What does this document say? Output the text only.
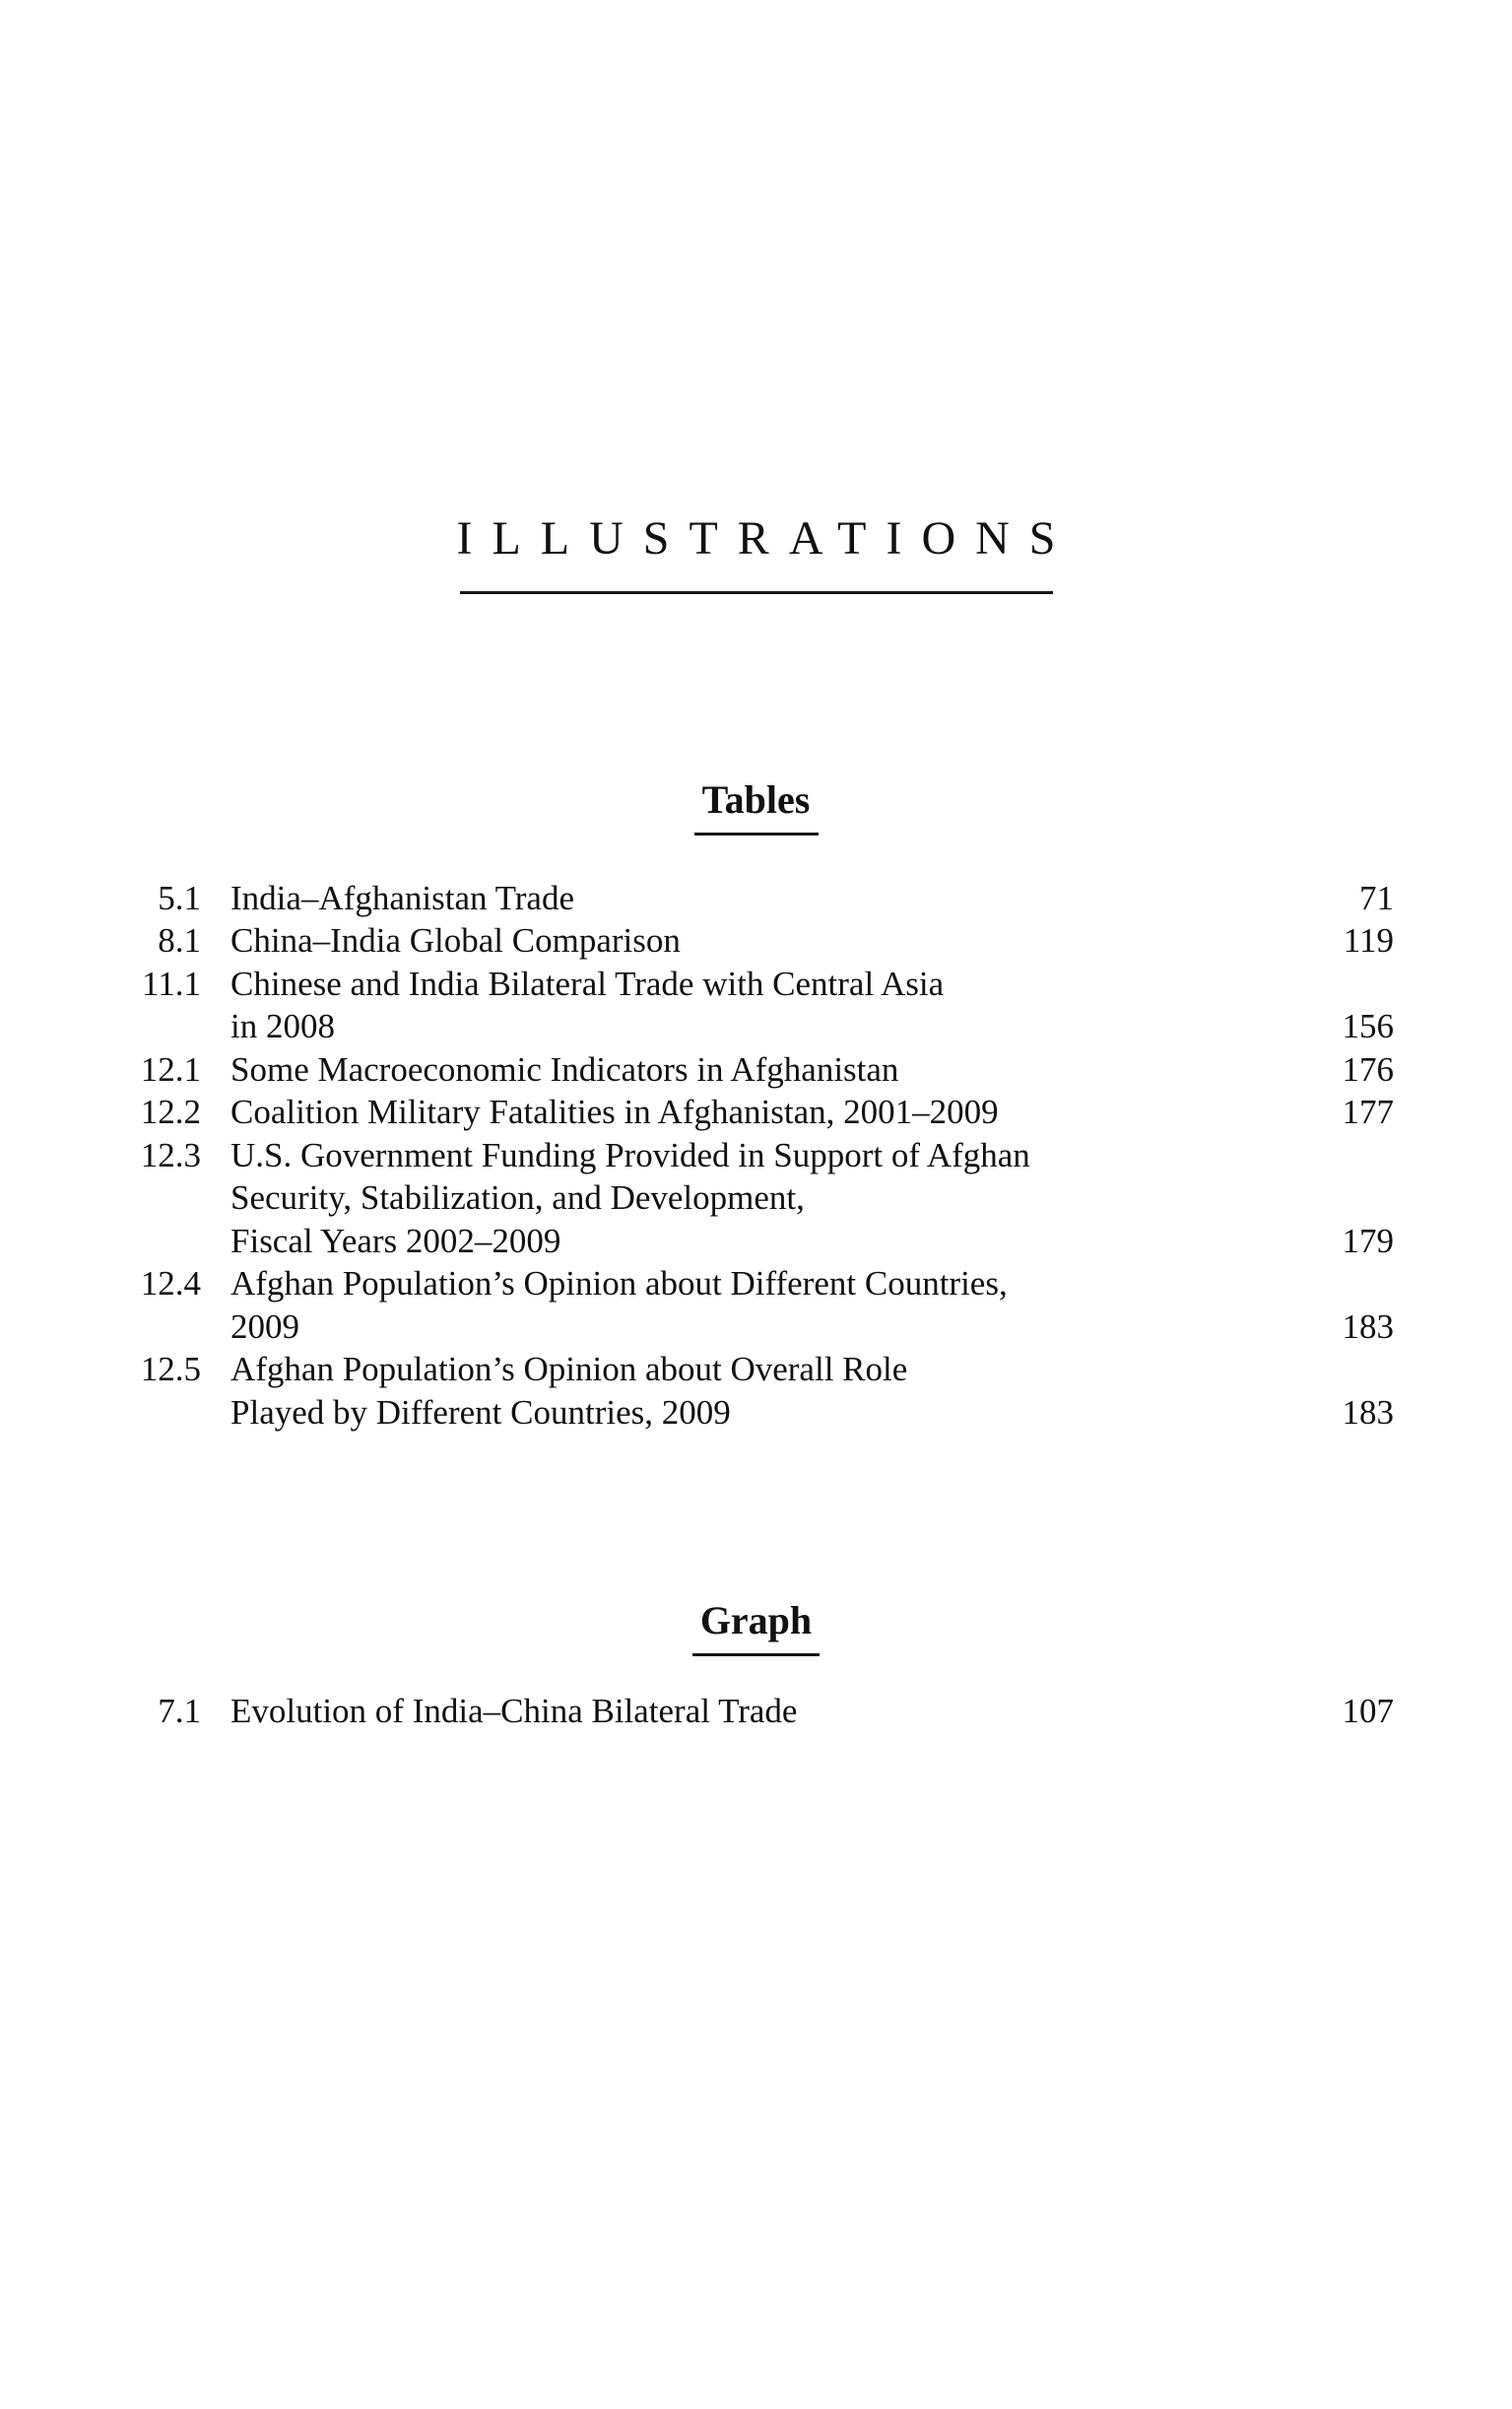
ILLUSTRATIONS
Tables
5.1 India–Afghanistan Trade	71
8.1 China–India Global Comparison	119
11.1 Chinese and India Bilateral Trade with Central Asia
in 2008	156
12.1 Some Macroeconomic Indicators in Afghanistan	176
12.2 Coalition Military Fatalities in Afghanistan, 2001–2009	177
12.3 U.S. Government Funding Provided in Support of Afghan
Security, Stabilization, and Development,
Fiscal Years 2002–2009	179
12.4 Afghan Population’s Opinion about Different Countries,
2009	183
12.5 Afghan Population’s Opinion about Overall Role
Played by Different Countries, 2009	183
Graph
7.1 Evolution of India–China Bilateral Trade	107
